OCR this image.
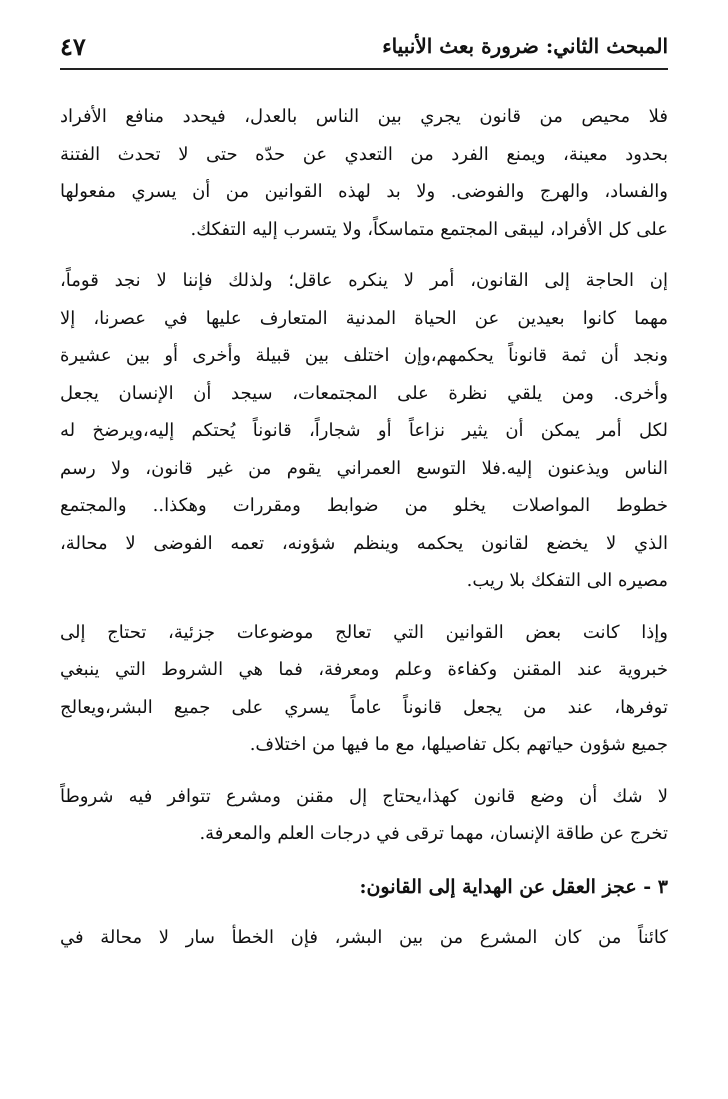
المبحث الثاني: ضرورة بعث الأنبياء
٤٧
فلا محيص من قانون يجري بين الناس بالعدل، فيحدد منافع الأفراد
بحدود معينة، ويمنع الفرد من التعدي عن حدّه حتى لا تحدث الفتنة
والفساد، والهرج والفوضى. ولا بد لهذه القوانين من أن يسري مفعولها
على كل الأفراد، ليبقى المجتمع متماسكاً، ولا يتسرب إليه التفكك.
إن الحاجة إلى القانون، أمر لا ينكره عاقل؛ ولذلك فإننا لا نجد قوماً،
مهما كانوا بعيدين عن الحياة المدنية المتعارف عليها في عصرنا، إلا
ونجد أن ثمة قانوناً يحكمهم،وإن اختلف بين قبيلة وأخرى أو بين عشيرة
وأخرى. ومن يلقي نظرة على المجتمعات، سيجد أن الإنسان يجعل
لكل أمر يمكن أن يثير نزاعاً أو شجاراً، قانوناً يُحتكم إليه،ويرضخ له
الناس ويذعنون إليه.فلا التوسع العمراني يقوم من غير قانون، ولا رسم
خطوط المواصلات يخلو من ضوابط ومقررات وهكذا.. والمجتمع
الذي لا يخضع لقانون يحكمه وينظم شؤونه، تعمه الفوضى لا محالة،
مصيره الى التفكك بلا ريب.
وإذا كانت بعض القوانين التي تعالج موضوعات جزئية، تحتاج إلى
خبروية عند المقنن وكفاءة وعلم ومعرفة، فما هي الشروط التي ينبغي
توفرها، عند من يجعل قانوناً عاماً يسري على جميع البشر،ويعالج
جميع شؤون حياتهم بكل تفاصيلها، مع ما فيها من اختلاف.
لا شك أن وضع قانون كهذا،يحتاج إل مقنن ومشرع تتوافر فيه شروطاً
تخرج عن طاقة الإنسان، مهما ترقى في درجات العلم والمعرفة.
٣ - عجز العقل عن الهداية إلى القانون:
كائناً من كان المشرع من بين البشر، فإن الخطأ سار لا محالة في
